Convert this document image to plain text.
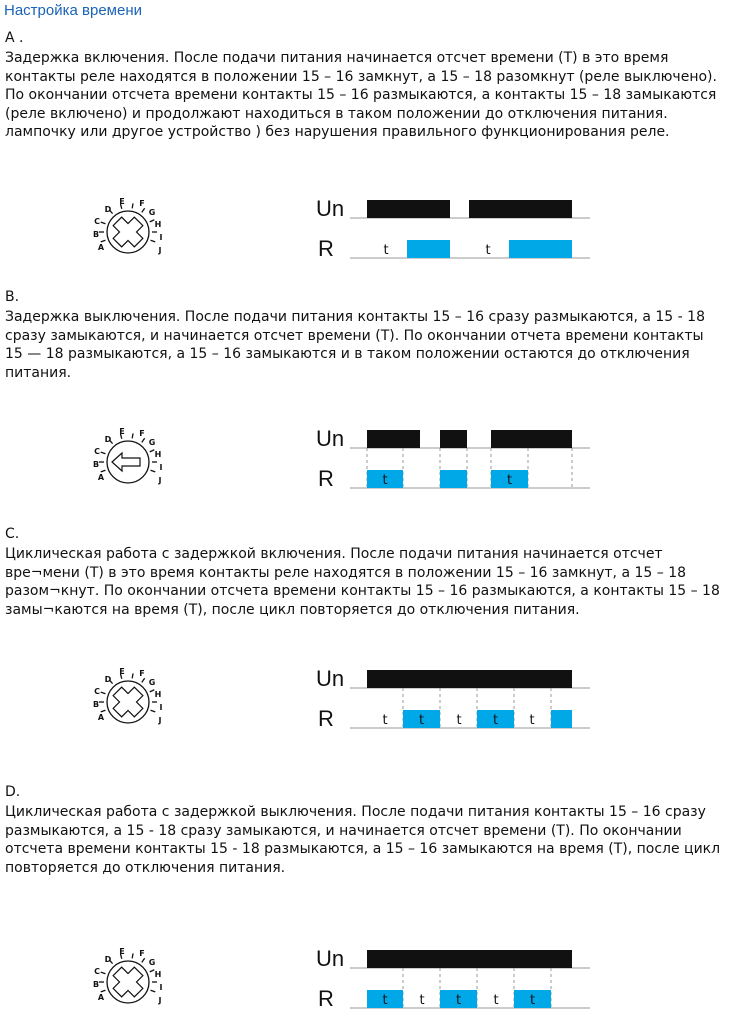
Настройка времени
A .
Задержка включения. После подачи питания начинается отсчет времени (T) в это время
контакты реле находятся в положении 15 – 16 замкнут, а 15 – 18 разомкнут (реле выключено).
По окончании отсчета времени контакты 15 – 16 размыкаются, а контакты 15 – 18 замыкаются
(реле включено) и продолжают находиться в таком положении до отключения питания.
лампочку или другое устройство ) без нарушения правильного функционирования реле.
B.
Задержка выключения. После подачи питания контакты 15 – 16 сразу размыкаются, а 15 - 18
сразу замыкаются, и начинается отсчет времени (T). По окончании отчета времени контакты
15 — 18 размыкаются, а 15 – 16 замыкаются и в таком положении остаются до отключения
питания.
C.
Циклическая работа с задержкой включения. После подачи питания начинается отсчет
вре¬мени (T) в это время контакты реле находятся в положении 15 – 16 замкнут, а 15 – 18
разом¬кнут. По окончании отсчета времени контакты 15 – 16 размыкаются, а контакты 15 – 18
замы¬каются на время (T), после цикл повторяется до отключения питания.
D.
Циклическая работа с задержкой выключения. После подачи питания контакты 15 – 16 сразу
размыкаются, а 15 - 18 сразу замыкаются, и начинается отсчет времени (T). По окончании
отсчета времени контакты 15 - 18 размыкаются, а 15 – 16 замыкаются на время (T), после цикл
повторяется до отключения питания.
A
B
C
D
E F
G
H
I
J
Un
R	t	t
A
B
C
D
E F
G
H
I
J
Un
R	t	t
A
B
C
D
E F
G
H
I
J
Un
R	t	t
t	t	t
A
B
C
D
E F
G
H
I
J
Un
R	t	t	t
t	t
